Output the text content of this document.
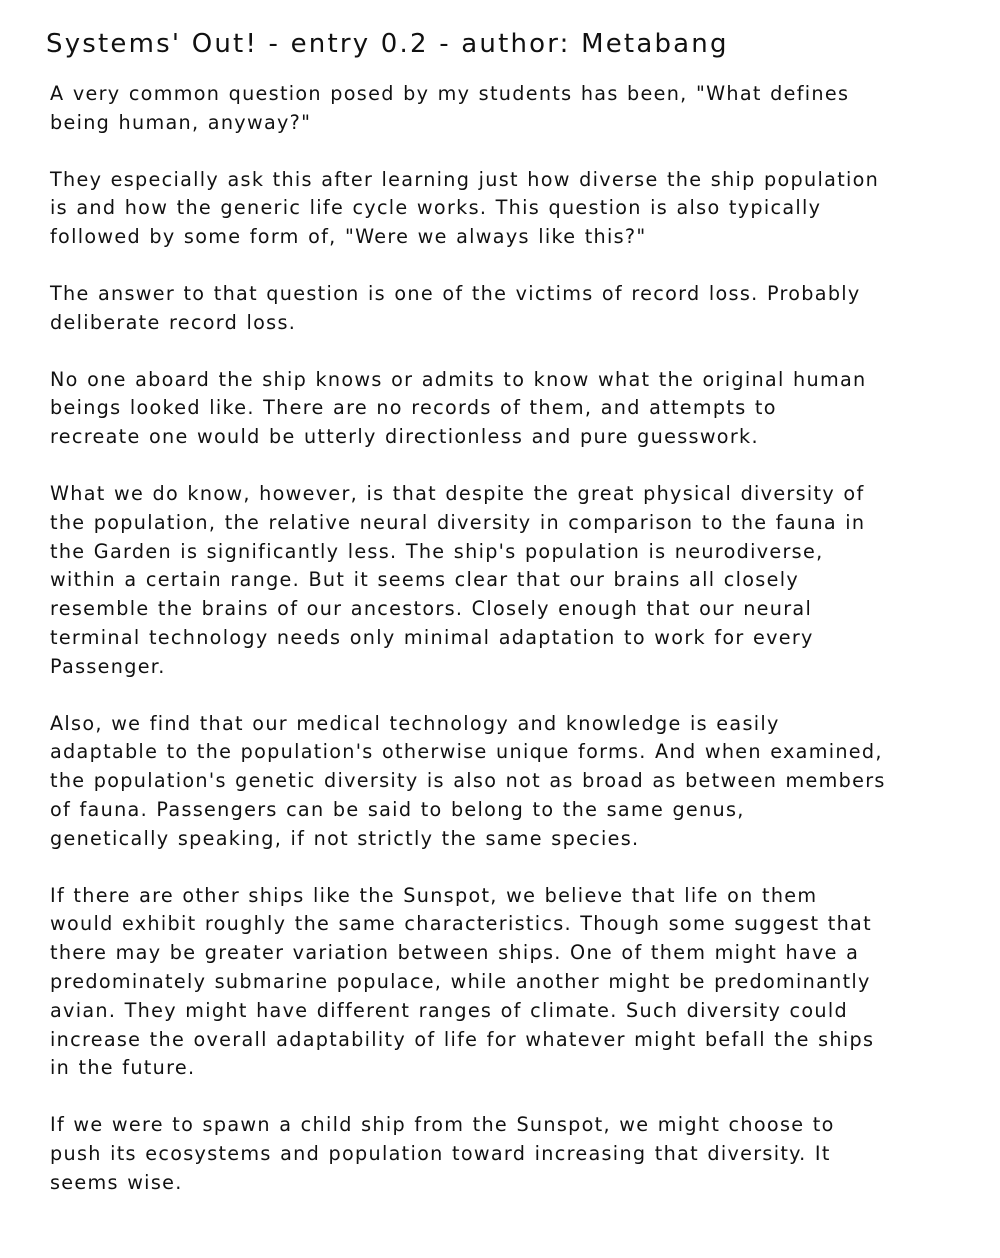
Systems' Out! - entry 0.2 - author: Metabang

A very common question posed by my students has been, "What defines
being human, anyway?"

They especially ask this after learning just how diverse the ship population
is and how the generic life cycle works. This question is also typically
followed by some form of, "Were we always like this?"

The answer to that question is one of the victims of record loss. Probably
deliberate record loss.

No one aboard the ship knows or admits to know what the original human
beings looked like. There are no records of them, and attempts to
recreate one would be utterly directionless and pure guesswork.

What we do know, however, is that despite the great physical diversity of
the population, the relative neural diversity in comparison to the fauna in
the Garden is significantly less. The ship's population is neurodiverse,
within a certain range. But it seems clear that our brains all closely
resemble the brains of our ancestors. Closely enough that our neural
terminal technology needs only minimal adaptation to work for every
Passenger.

Also, we find that our medical technology and knowledge is easily
adaptable to the population's otherwise unique forms. And when examined,
the population's genetic diversity is also not as broad as between members
of fauna. Passengers can be said to belong to the same genus,
genetically speaking, if not strictly the same species.

If there are other ships like the Sunspot, we believe that life on them
would exhibit roughly the same characteristics. Though some suggest that
there may be greater variation between ships. One of them might have a
predominately submarine populace, while another might be predominantly
avian. They might have different ranges of climate. Such diversity could
increase the overall adaptability of life for whatever might befall the ships
in the future.

If we were to spawn a child ship from the Sunspot, we might choose to
push its ecosystems and population toward increasing that diversity. It
seems wise.
